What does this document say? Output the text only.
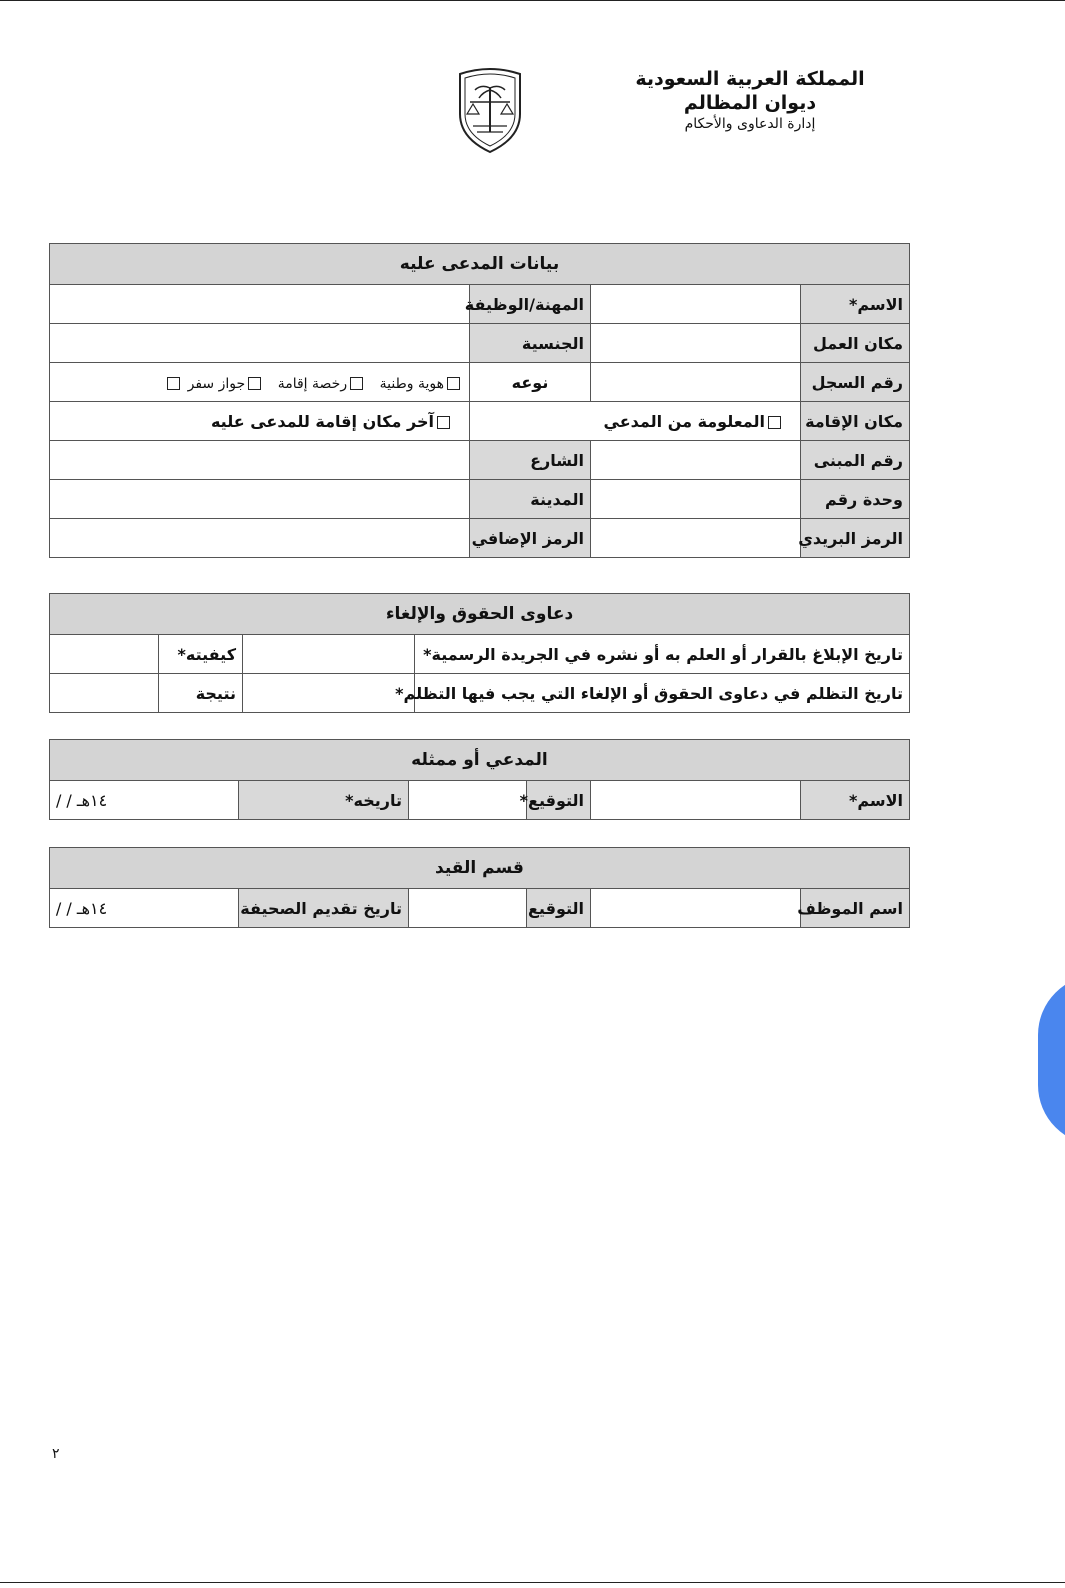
المملكة العربية السعودية
ديوان المظالم
إدارة الدعاوى والأحكام
بيانات المدعى عليه			
الاسم*		المهنة/الوظيفة	
مكان العمل		الجنسية	
رقم السجل		نوعه	هوية وطنية رخصة إقامة جواز سفر
مكان الإقامة	المعلومة من المدعي		آخر مكان إقامة للمدعى عليه
رقم المبنى		الشارع	
وحدة رقم		المدينة	
الرمز البريدي		الرمز الإضافي	
دعاوى الحقوق والإلغاء			
تاريخ الإبلاغ بالقرار أو العلم به أو نشره في الجريدة الرسمية*		كيفيته*	
تاريخ التظلم في دعاوى الحقوق أو الإلغاء التي يجب فيها التظلم*		نتيجة	
المدعي أو ممثله
الاسم*		التوقيع*		تاريخه*	/ / ١٤هـ
قسم القيد
اسم الموظف		التوقيع		تاريخ تقديم الصحيفة	/ / ١٤هـ
٢
